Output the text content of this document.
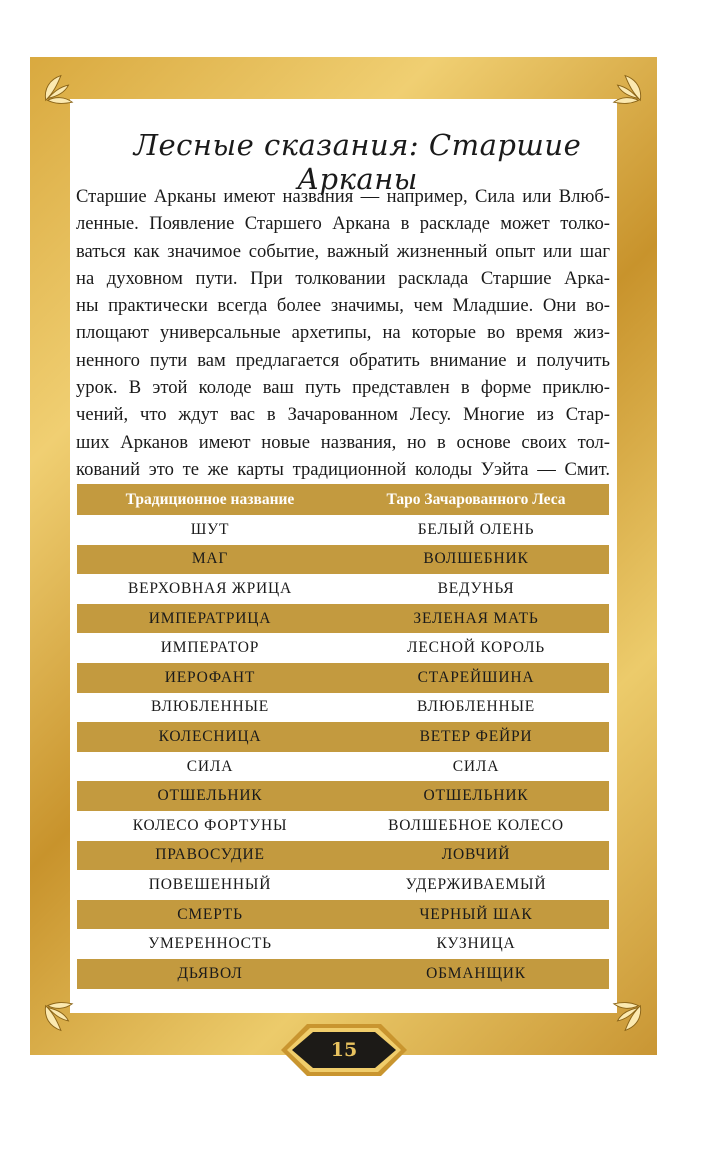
Лесные сказания: Старшие Арканы
Старшие Арканы имеют названия — например, Сила или Влюб-
ленные. Появление Старшего Аркана в раскладе может толко-
ваться как значимое событие, важный жизненный опыт или шаг
на духовном пути. При толковании расклада Старшие Арка-
ны практически всегда более значимы, чем Младшие. Они во-
площают универсальные архетипы, на которые во время жиз-
ненного пути вам предлагается обратить внимание и получить
урок. В этой колоде ваш путь представлен в форме приклю-
чений, что ждут вас в Зачарованном Лесу. Многие из Стар-
ших Арканов имеют новые названия, но в основе своих тол-
кований это те же карты традиционной колоды Уэйта — Смит.
Традиционное название	Таро Зачарованного Леса
ШУТ	БЕЛЫЙ ОЛЕНЬ
МАГ	ВОЛШЕБНИК
ВЕРХОВНАЯ ЖРИЦА	ВЕДУНЬЯ
ИМПЕРАТРИЦА	ЗЕЛЕНАЯ МАТЬ
ИМПЕРАТОР	ЛЕСНОЙ КОРОЛЬ
ИЕРОФАНТ	СТАРЕЙШИНА
ВЛЮБЛЕННЫЕ	ВЛЮБЛЕННЫЕ
КОЛЕСНИЦА	ВЕТЕР ФЕЙРИ
СИЛА	СИЛА
ОТШЕЛЬНИК	ОТШЕЛЬНИК
КОЛЕСО ФОРТУНЫ	ВОЛШЕБНОЕ КОЛЕСО
ПРАВОСУДИЕ	ЛОВЧИЙ
ПОВЕШЕННЫЙ	УДЕРЖИВАЕМЫЙ
СМЕРТЬ	ЧЕРНЫЙ ШАК
УМЕРЕННОСТЬ	КУЗНИЦА
ДЬЯВОЛ	ОБМАНЩИК
15
